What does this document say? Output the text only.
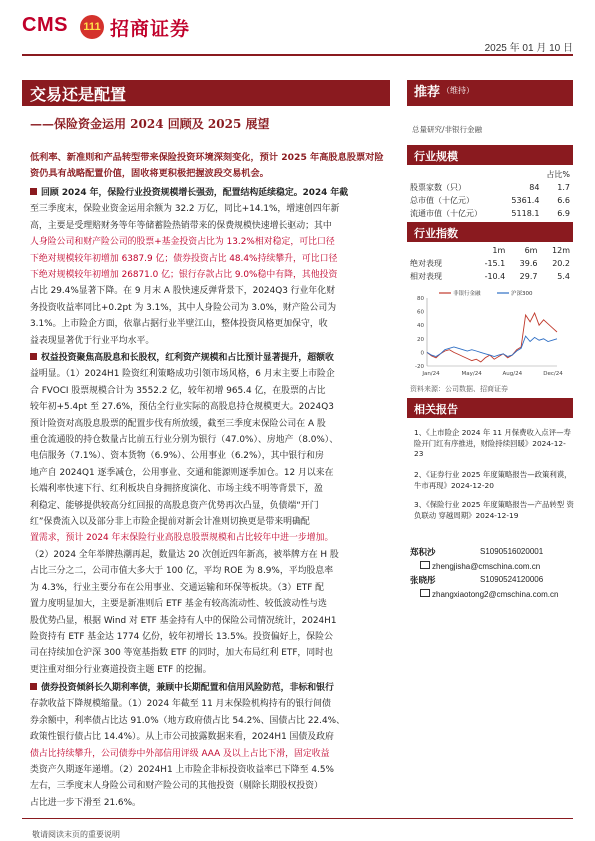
CMS	111 招商证券
2025 年 01 月 10 日
交易还是配置
——保险资金运用 2024 回顾及 2025 展望
低利率、新准则和产品转型带来保险投资环境深刻变化，预计 2025 年高股息股票对险资仍具有战略配置价值，固收将更积极把握波段交易机会。
回顾 2024 年，保险行业投资规模增长强劲，配置结构延续稳定。2024 年截
至三季度末，保险业资金运用余额为 32.2 万亿，同比+14.1%，增速创四年新
高，主要是受理赔财务等年等储蓄险热销带来的保费规模快速增长驱动；其中
人身险公司和财产险公司的股票+基金投资占比为 13.2%相对稳定，可比口径
下绝对规模较年初增加 6387.9 亿；债券投资占比 48.4%持续攀升，可比口径
下绝对规模较年初增加 26871.0 亿；银行存款占比 9.0%稳中有降，其他投资
占比 29.4%显著下降。在 9 月末 A 股快速反弹背景下，2024Q3 行业年化财
务投资收益率同比+0.2pt 为 3.1%，其中人身险公司为 3.0%，财产险公司为
3.1%。上市险企方面，依靠占据行业半壁江山，整体投资风格更加保守，收
益表现显著优于行业平均水平。
权益投资聚焦高股息和长股权，红利资产规模和占比预计显著提升，超额收
益明显。（1）2024H1 险资红利策略成功引领市场风格，6 月末主要上市险企
合 FVOCI 股票规模合计为 3552.2 亿，较年初增 965.4 亿，在股票的占比
较年初+5.4pt 至 27.6%，预估全行业实际的高股息持仓规模更大。2024Q3
预计险资对高股息股票的配置步伐有所放缓，截至三季度末保险公司在 A 股
重仓流通股的持仓数量占比前五行业分别为银行（47.0%）、房地产（8.0%）、
电信服务（7.1%）、资本货物（6.9%）、公用事业（6.2%），其中银行和房
地产自 2024Q1 逐季减仓，公用事业、交通和能源则逐季加仓。12 月以来在
长端利率快速下行、红利板块自身拥挤度演化、市场主线不明等背景下，盈
利稳定、能够提供较高分红回报的高股息资产优势再次凸显，负债端“开门
红”保费流入以及部分非上市险企提前对新会计准则切换更是带来明确配
置需求，预计 2024 年末保险行业高股息股票规模和占比较年中进一步增加。
（2）2024 全年举牌热潮再起，数量达 20 次创近四年新高，被举牌方在 H 股
占比三分之二，公司市值大多大于 100 亿，平均 ROE 为 8.9%，平均股息率
为 4.3%，行业主要分布在公用事业、交通运输和环保等板块。（3）ETF 配
置力度明显加大，主要是新准则后 ETF 基金有较高流动性、较低波动性与选
股优势凸显，根据 Wind 对 ETF 基金持有人中的保险公司情况统计，2024H1
险资持有 ETF 基金达 1774 亿份，较年初增长 13.5%。投资偏好上，保险公
司在持续加仓沪深 300 等宽基指数 ETF 的同时，加大布局红利 ETF，同时也
更注重对细分行业赛道投资主题 ETF 的挖掘。
债券投资倾斜长久期利率债，兼顾中长期配置和信用风险防范，非标和银行
存款收益下降规模缩量。（1）2024 年截至 11 月末保险机构持有的银行间债
券余额中，利率债占比达 91.0%（地方政府债占比 54.2%、国债占比 22.4%、
政策性银行债占比 14.4%）。从上市公司披露数据来看，2024H1 国债及政府
债占比持续攀升，公司债券中外部信用评级 AAA 及以上占比下滑，固定收益
类资产久期逐年递增。（2）2024H1 上市险企非标投资收益率已下降至 4.5%
左右，三季度末人身险公司和财产险公司的其他投资（剔除长期股权投资）
占比进一步下滑至 21.6%。
敬请阅读末页的重要说明
推荐 （维持）
总量研究/非银行金融
行业规模
		占比%
股票家数（只）	84	1.7
总市值（十亿元）	5361.4	6.6
流通市值（十亿元）	5118.1	6.9
行业指数
	1m	6m	12m
绝对表现	-15.1	39.6	20.2
相对表现	-10.4	29.7	5.4
80
60
40
20
0
-20
Jan/24	May/24	Aug/24	Dec/24
非银行金融	沪深300
资料来源：公司数据、招商证券
相关报告
1、《上市险企 2024 年 11 月保费收入点评—寿险开门红有序推进，财险持续回暖》2024-12-23
2、《证券行业 2025 年度策略报告—政策利谟，牛市再现》2024-12-20
3、《保险行业 2025 年度策略报告—产品转型 资负联动 穿越周期》2024-12-19
郑积沙	S1090516020001
zhengjisha@cmschina.com.cn
张晓彤	S1090524120006
zhangxiaotong2@cmschina.com.cn
